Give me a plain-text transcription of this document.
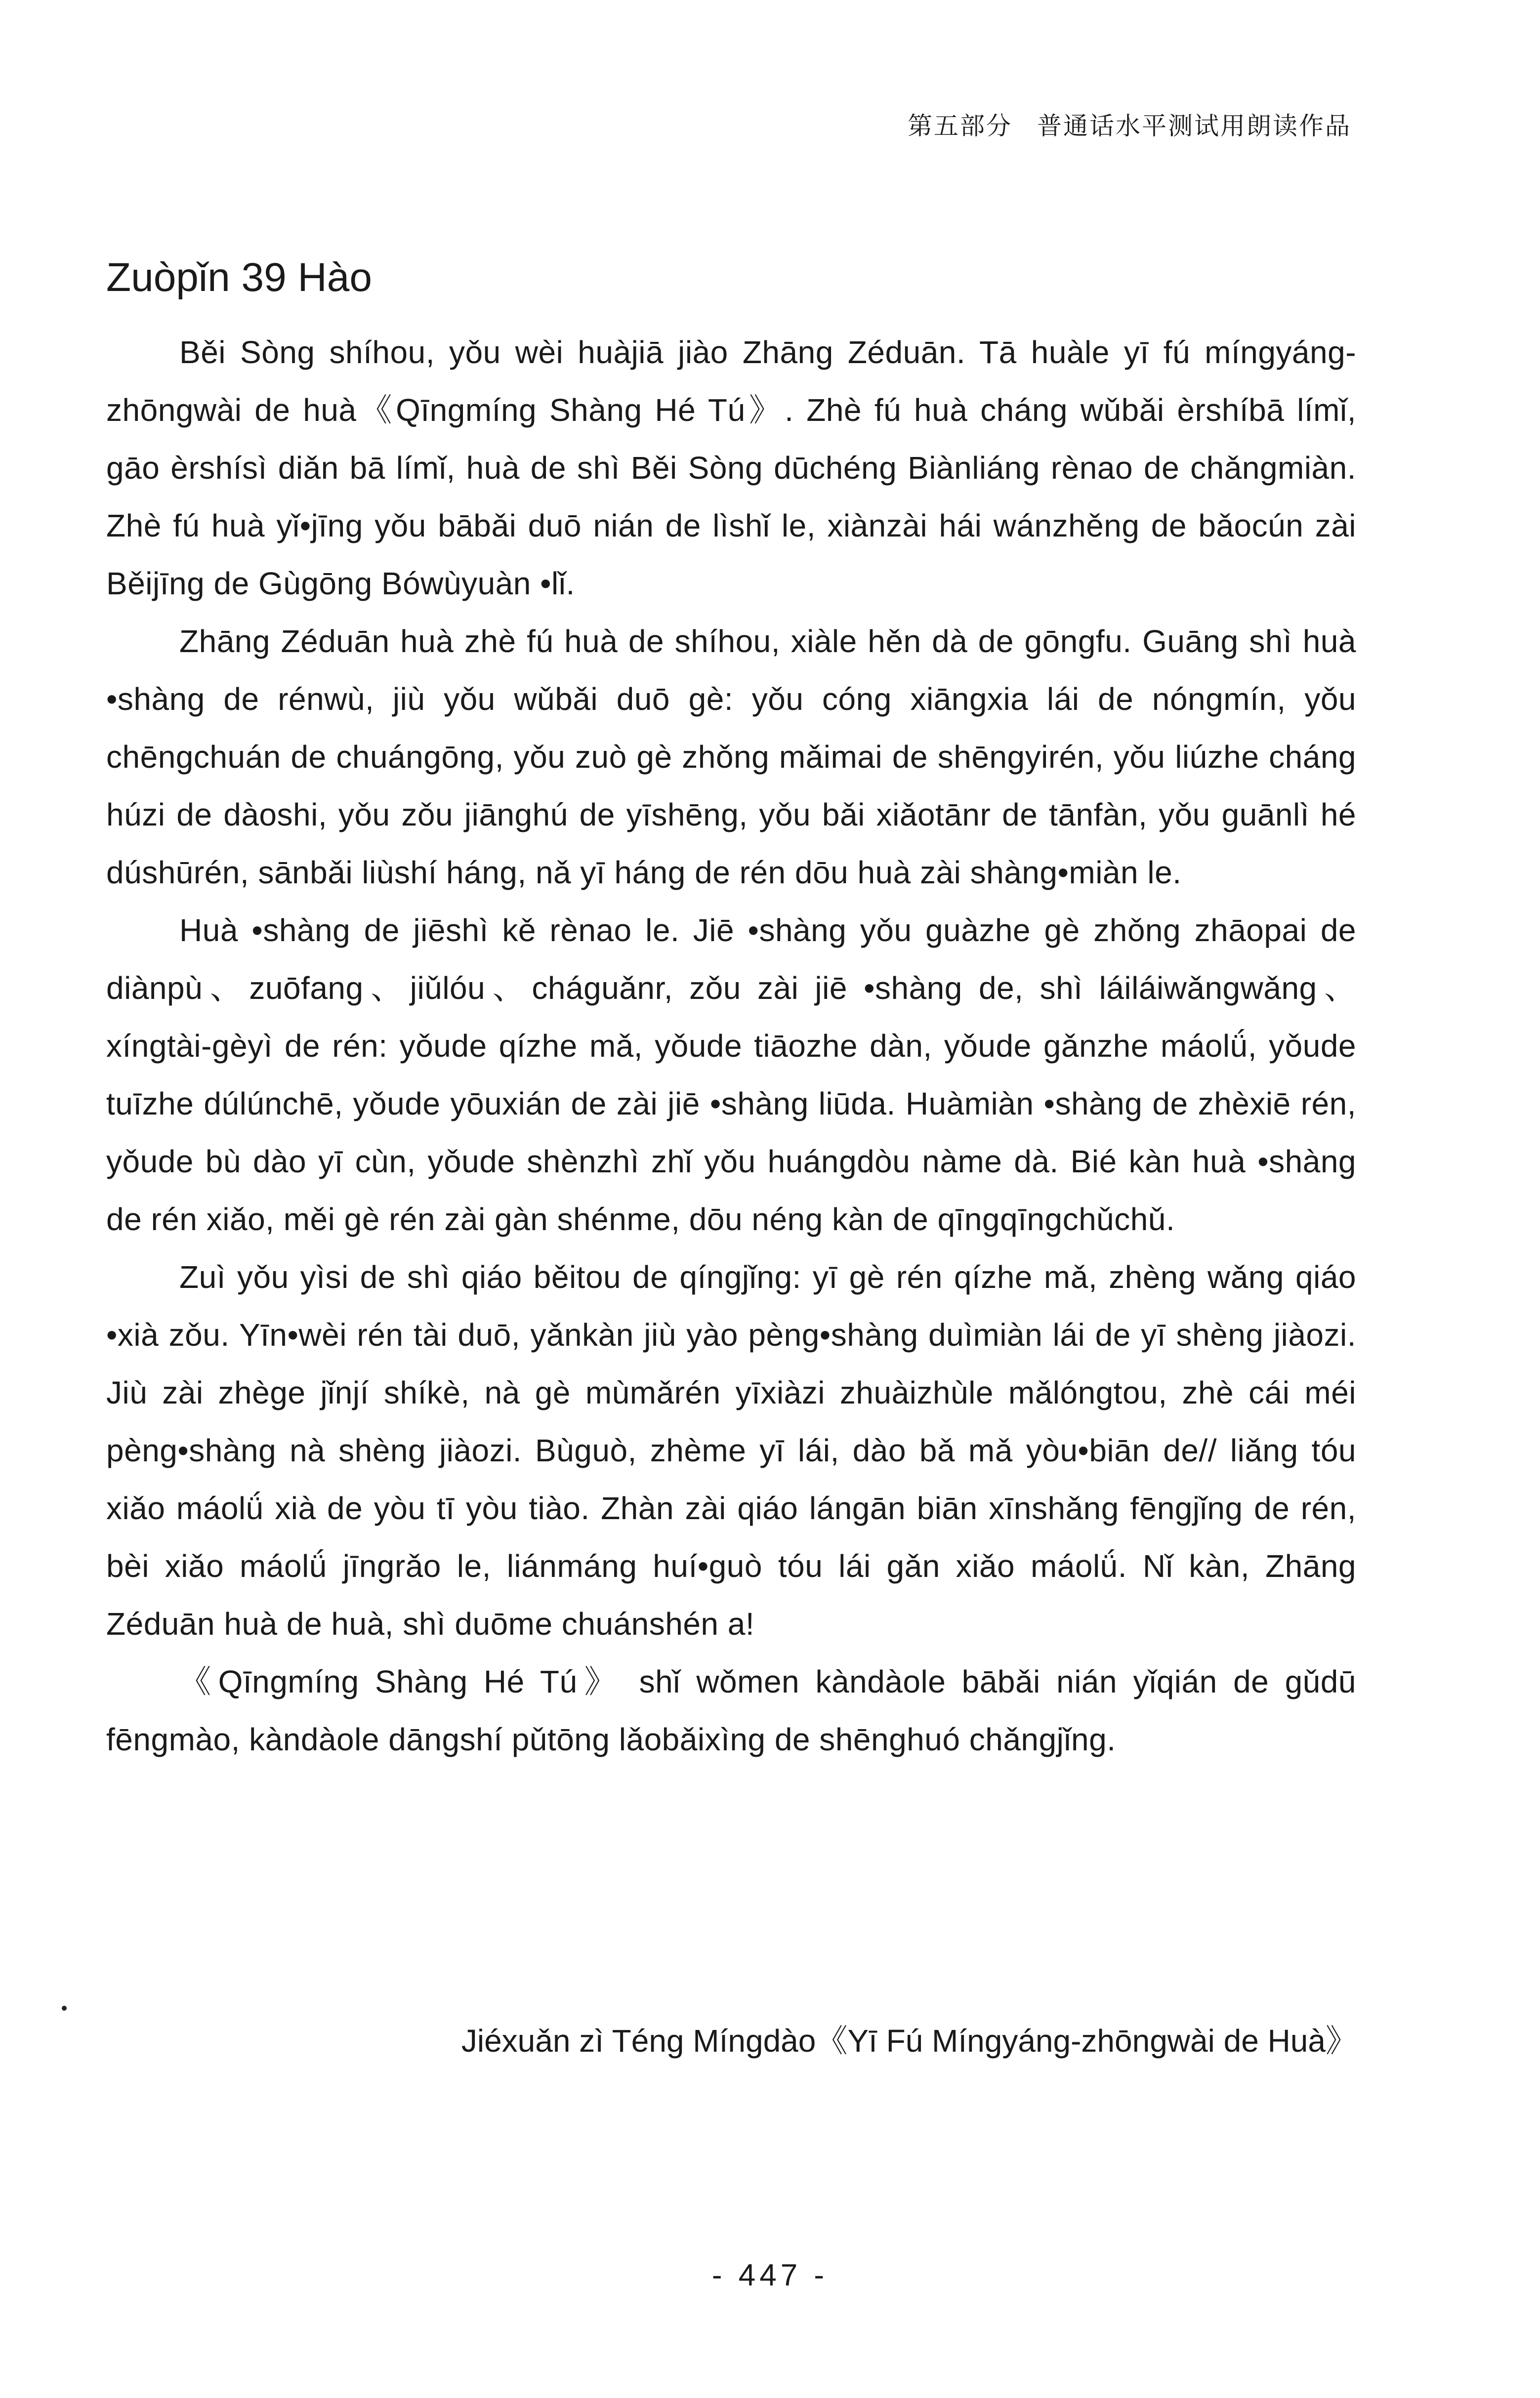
第五部分 普通话水平测试用朗读作品
Zuòpǐn 39 Hào

Běi Sòng shíhou, yǒu wèi huàjiā jiào Zhāng Zéduān. Tā huàle yī fú míngyáng-zhōngwài de huà《Qīngmíng Shàng Hé Tú》. Zhè fú huà cháng wǔbǎi èrshíbā límǐ, gāo èrshísì diǎn bā límǐ, huà de shì Běi Sòng dūchéng Biànliáng rènao de chǎngmiàn. Zhè fú huà yǐ•jīng yǒu bābǎi duō nián de lìshǐ le, xiànzài hái wánzhěng de bǎocún zài Běijīng de Gùgōng Bówùyuàn •lǐ.

Zhāng Zéduān huà zhè fú huà de shíhou, xiàle hěn dà de gōngfu. Guāng shì huà •shàng de rénwù, jiù yǒu wǔbǎi duō gè: yǒu cóng xiāngxia lái de nóngmín, yǒu chēngchuán de chuángōng, yǒu zuò gè zhǒng mǎimai de shēngyirén, yǒu liúzhe cháng húzi de dàoshi, yǒu zǒu jiānghú de yīshēng, yǒu bǎi xiǎotānr de tānfàn, yǒu guānlì hé dúshūrén, sānbǎi liùshí háng, nǎ yī háng de rén dōu huà zài shàng•miàn le.

Huà •shàng de jiēshì kě rènao le. Jiē •shàng yǒu guàzhe gè zhǒng zhāopai de diànpù、zuōfang、jiǔlóu、cháguǎnr, zǒu zài jiē •shàng de, shì láiláiwǎngwǎng、xíngtài-gèyì de rén: yǒude qízhe mǎ, yǒude tiāozhe dàn, yǒude gǎnzhe máolǘ, yǒude tuīzhe dúlúnchē, yǒude yōuxián de zài jiē •shàng liūda. Huàmiàn •shàng de zhèxiē rén, yǒude bù dào yī cùn, yǒude shènzhì zhǐ yǒu huángdòu nàme dà. Bié kàn huà •shàng de rén xiǎo, měi gè rén zài gàn shénme, dōu néng kàn de qīngqīngchǔchǔ.

Zuì yǒu yìsi de shì qiáo běitou de qíngjǐng: yī gè rén qízhe mǎ, zhèng wǎng qiáo •xià zǒu. Yīn•wèi rén tài duō, yǎnkàn jiù yào pèng•shàng duìmiàn lái de yī shèng jiàozi. Jiù zài zhège jǐnjí shíkè, nà gè mùmǎrén yīxiàzi zhuàizhùle mǎlóngtou, zhè cái méi pèng•shàng nà shèng jiàozi. Bùguò, zhème yī lái, dào bǎ mǎ yòu•biān de// liǎng tóu xiǎo máolǘ xià de yòu tī yòu tiào. Zhàn zài qiáo lángān biān xīnshǎng fēngjǐng de rén, bèi xiǎo máolǘ jīngrǎo le, liánmáng huí•guò tóu lái gǎn xiǎo máolǘ. Nǐ kàn, Zhāng Zéduān huà de huà, shì duōme chuánshén a!

《Qīngmíng Shàng Hé Tú》 shǐ wǒmen kàndàole bābǎi nián yǐqián de gǔdū fēngmào, kàndàole dāngshí pǔtōng lǎobǎixìng de shēnghuó chǎngjǐng.

Jiéxuǎn zì Téng Míngdào《Yī Fú Míngyáng-zhōngwài de Huà》
- 447 -
